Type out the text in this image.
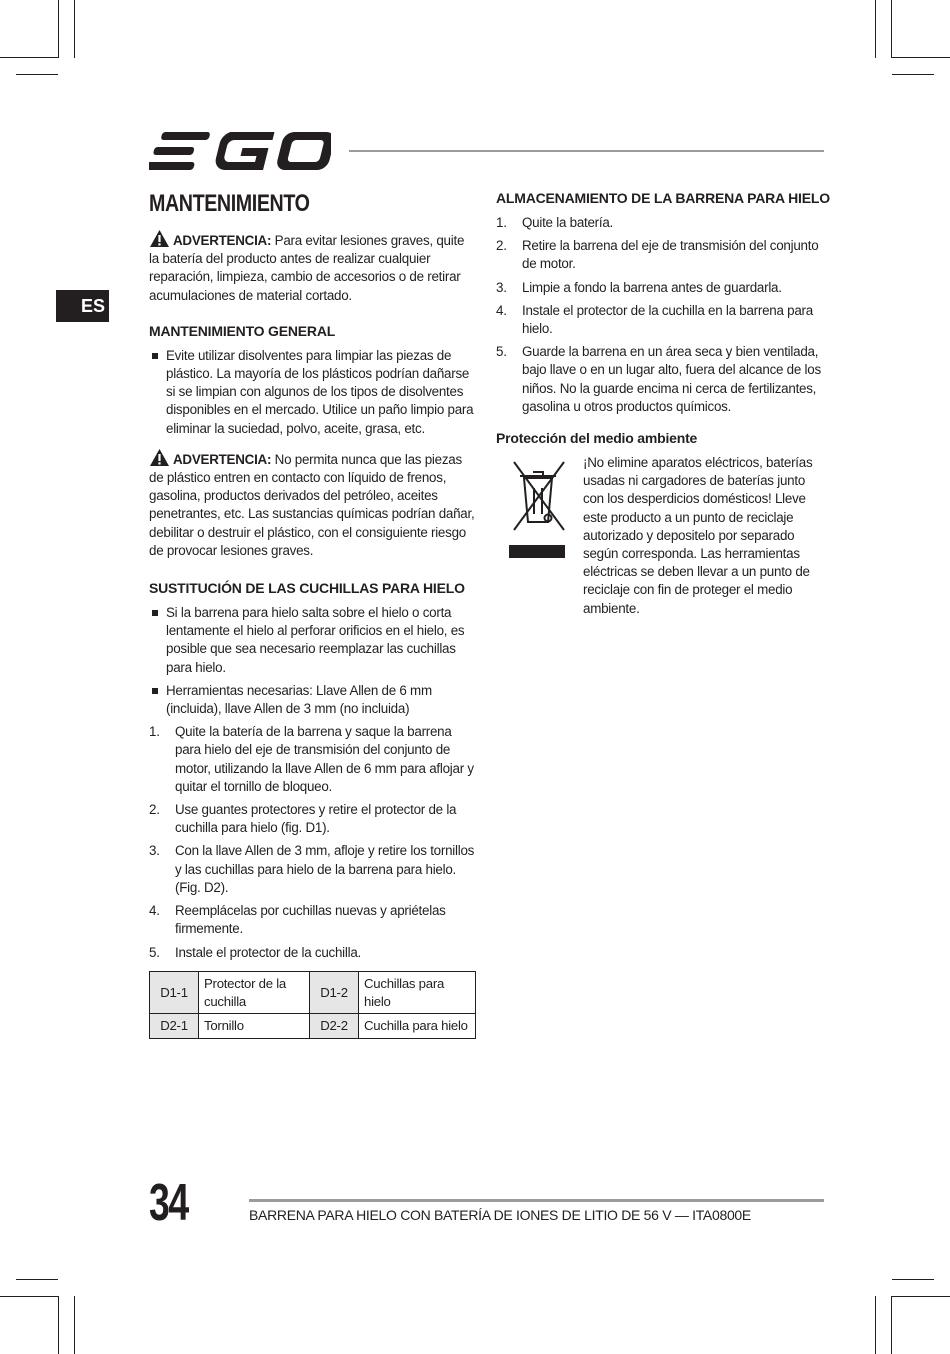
ES
MANTENIMIENTO
ADVERTENCIA: Para evitar lesiones graves, quite la batería del producto antes de realizar cualquier reparación, limpieza, cambio de accesorios o de retirar acumulaciones de material cortado.
MANTENIMIENTO GENERAL
Evite utilizar disolventes para limpiar las piezas de plástico. La mayoría de los plásticos podrían dañarse si se limpian con algunos de los tipos de disolventes disponibles en el mercado. Utilice un paño limpio para eliminar la suciedad, polvo, aceite, grasa, etc.
ADVERTENCIA: No permita nunca que las piezas de plástico entren en contacto con líquido de frenos, gasolina, productos derivados del petróleo, aceites penetrantes, etc. Las sustancias químicas podrían dañar, debilitar o destruir el plástico, con el consiguiente riesgo de provocar lesiones graves.
SUSTITUCIÓN DE LAS CUCHILLAS PARA HIELO
Si la barrena para hielo salta sobre el hielo o corta lentamente el hielo al perforar orificios en el hielo, es posible que sea necesario reemplazar las cuchillas para hielo.
Herramientas necesarias: Llave Allen de 6 mm (incluida), llave Allen de 3 mm (no incluida)
1. Quite la batería de la barrena y saque la barrena para hielo del eje de transmisión del conjunto de motor, utilizando la llave Allen de 6 mm para aflojar y quitar el tornillo de bloqueo.
2. Use guantes protectores y retire el protector de la cuchilla para hielo (fig. D1).
3. Con la llave Allen de 3 mm, afloje y retire los tornillos y las cuchillas para hielo de la barrena para hielo. (Fig. D2).
4. Reemplácelas por cuchillas nuevas y apriételas firmemente.
5. Instale el protector de la cuchilla.
D1-1	Protector de la cuchilla	D1-2	Cuchillas para hielo
D2-1	Tornillo	D2-2	Cuchilla para hielo
ALMACENAMIENTO DE LA BARRENA PARA HIELO
1. Quite la batería.
2. Retire la barrena del eje de transmisión del conjunto de motor.
3. Limpie a fondo la barrena antes de guardarla.
4. Instale el protector de la cuchilla en la barrena para hielo.
5. Guarde la barrena en un área seca y bien ventilada, bajo llave o en un lugar alto, fuera del alcance de los niños. No la guarde encima ni cerca de fertilizantes, gasolina u otros productos químicos.
Protección del medio ambiente
¡No elimine aparatos eléctricos, baterías usadas ni cargadores de baterías junto con los desperdicios domésticos! Lleve este producto a un punto de reciclaje autorizado y depositelo por separado según corresponda. Las herramientas eléctricas se deben llevar a un punto de reciclaje con fin de proteger el medio ambiente.
34	BARRENA PARA HIELO CON BATERÍA DE IONES DE LITIO DE 56 V — ITA0800E
